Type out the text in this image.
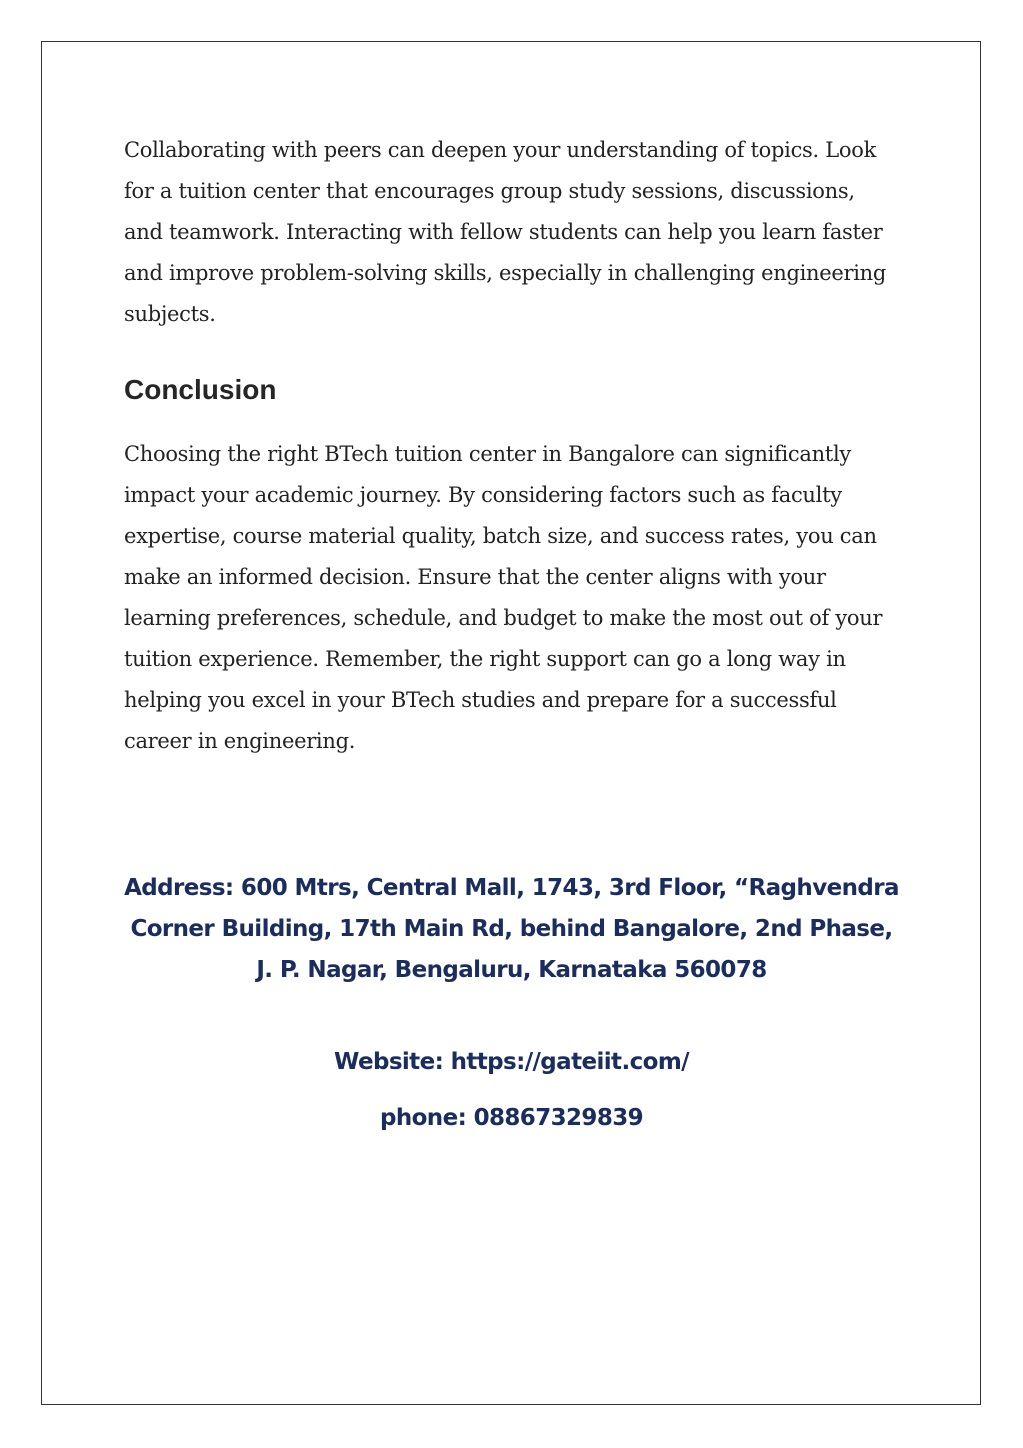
Collaborating with peers can deepen your understanding of topics. Look for a tuition center that encourages group study sessions, discussions, and teamwork. Interacting with fellow students can help you learn faster and improve problem-solving skills, especially in challenging engineering subjects.

Conclusion

Choosing the right BTech tuition center in Bangalore can significantly impact your academic journey. By considering factors such as faculty expertise, course material quality, batch size, and success rates, you can make an informed decision. Ensure that the center aligns with your learning preferences, schedule, and budget to make the most out of your tuition experience. Remember, the right support can go a long way in helping you excel in your BTech studies and prepare for a successful career in engineering.

Address: 600 Mtrs, Central Mall, 1743, 3rd Floor, “Raghvendra Corner Building, 17th Main Rd, behind Bangalore, 2nd Phase, J. P. Nagar, Bengaluru, Karnataka 560078

Website: https://gateiit.com/

phone: 08867329839
